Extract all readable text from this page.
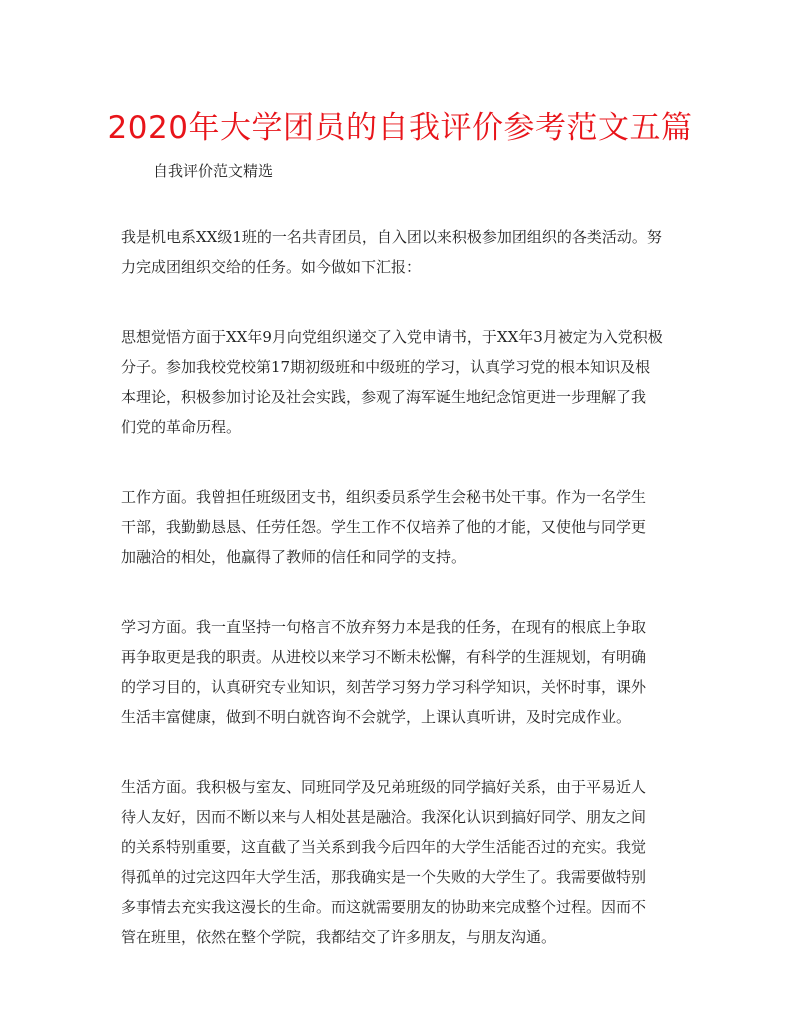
2020年大学团员的自我评价参考范文五篇
自我评价范文精选
我是机电系XX级1班的一名共青团员，自入团以来积极参加团组织的各类活动。努
力完成团组织交给的任务。如今做如下汇报：
思想觉悟方面于XX年9月向党组织递交了入党申请书，于XX年3月被定为入党积极
分子。参加我校党校第17期初级班和中级班的学习，认真学习党的根本知识及根
本理论，积极参加讨论及社会实践，参观了海军诞生地纪念馆更进一步理解了我
们党的革命历程。
工作方面。我曾担任班级团支书，组织委员系学生会秘书处干事。作为一名学生
干部，我勤勤恳恳、任劳任怨。学生工作不仅培养了他的才能，又使他与同学更
加融洽的相处，他赢得了教师的信任和同学的支持。
学习方面。我一直坚持一句格言不放弃努力本是我的任务，在现有的根底上争取
再争取更是我的职责。从进校以来学习不断未松懈，有科学的生涯规划，有明确
的学习目的，认真研究专业知识，刻苦学习努力学习科学知识，关怀时事，课外
生活丰富健康，做到不明白就咨询不会就学，上课认真听讲，及时完成作业。
生活方面。我积极与室友、同班同学及兄弟班级的同学搞好关系，由于平易近人
待人友好，因而不断以来与人相处甚是融洽。我深化认识到搞好同学、朋友之间
的关系特别重要，这直截了当关系到我今后四年的大学生活能否过的充实。我觉
得孤单的过完这四年大学生活，那我确实是一个失败的大学生了。我需要做特别
多事情去充实我这漫长的生命。而这就需要朋友的协助来完成整个过程。因而不
管在班里，依然在整个学院，我都结交了许多朋友，与朋友沟通。
